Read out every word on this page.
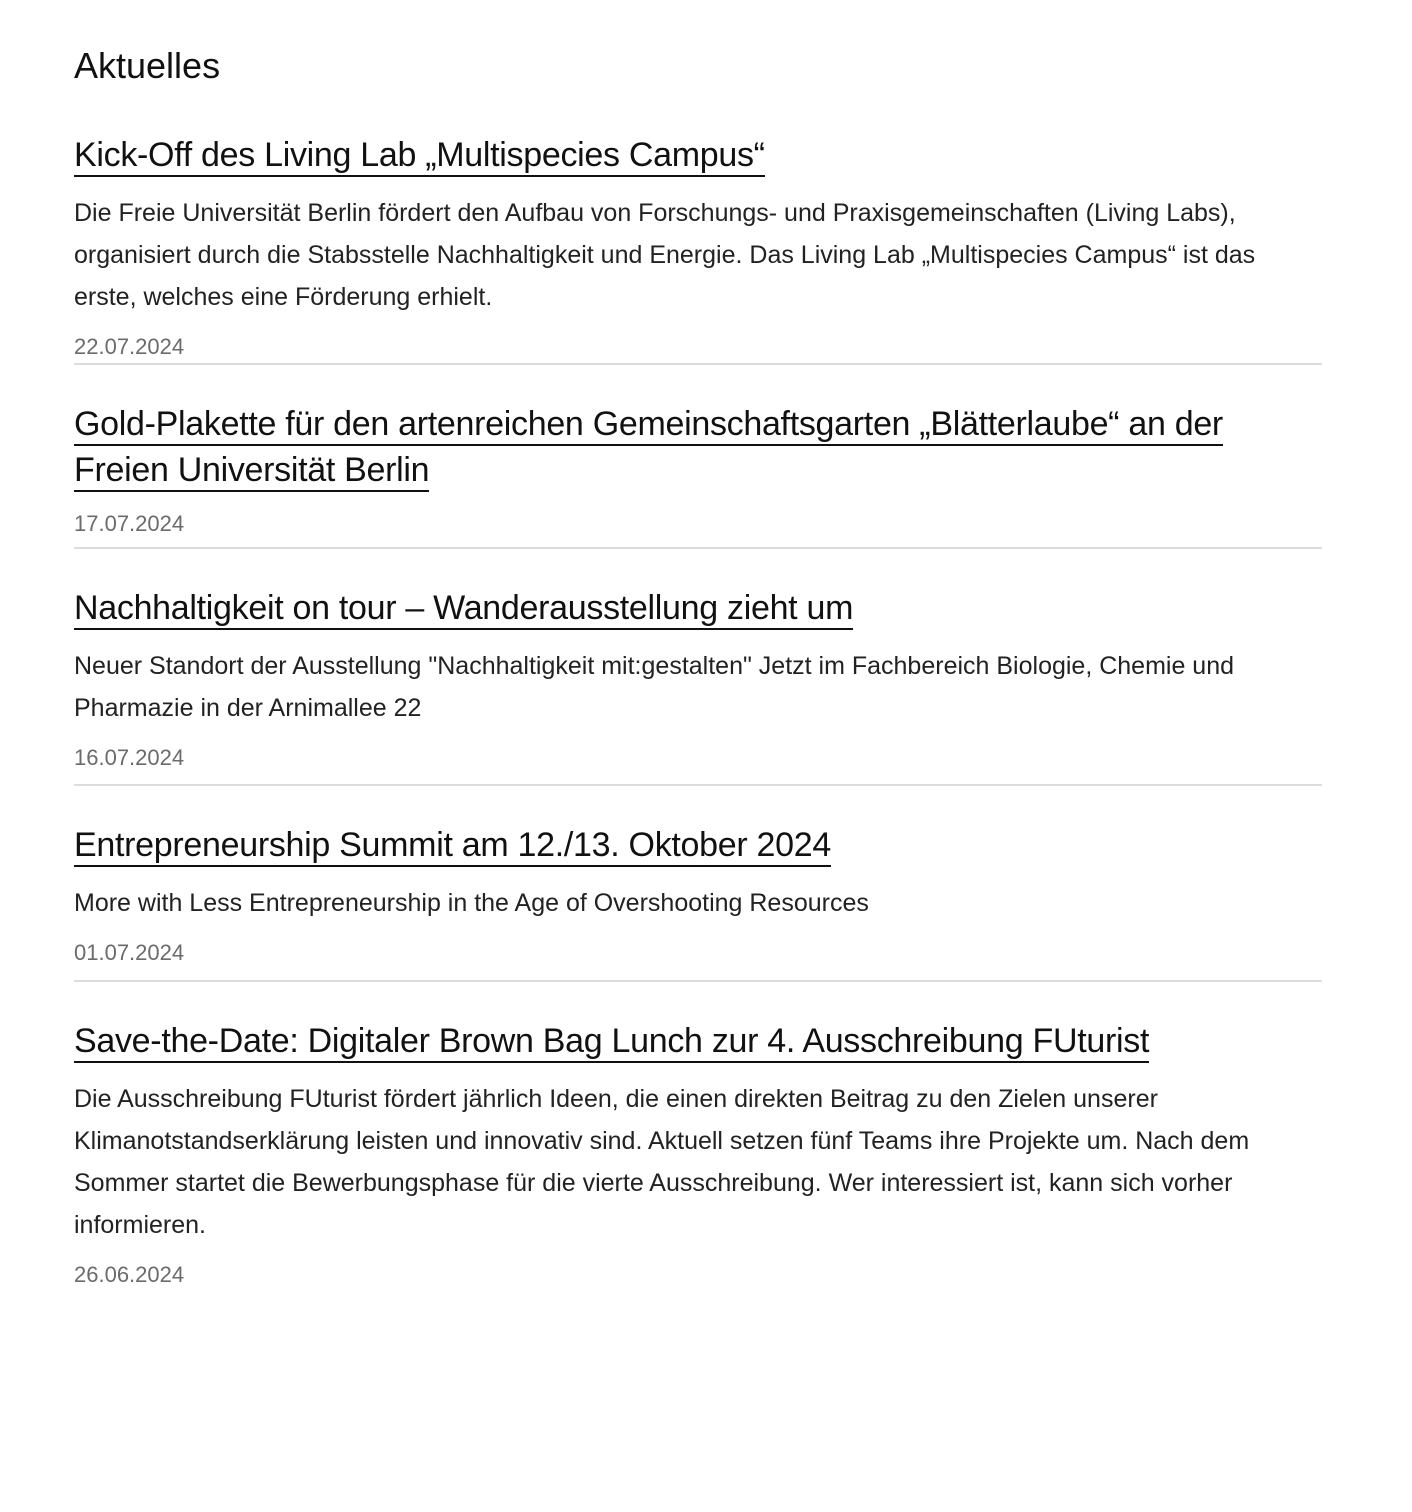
Aktuelles
Kick-Off des Living Lab „Multispecies Campus“

Die Freie Universität Berlin fördert den Aufbau von Forschungs- und Praxisgemeinschaften (Living Labs), organisiert durch die Stabsstelle Nachhaltigkeit und Energie. Das Living Lab „Multispecies Campus“ ist das erste, welches eine Förderung erhielt.

22.07.2024

Gold-Plakette für den artenreichen Gemeinschaftsgarten „Blätterlaube“ an der Freien Universität Berlin

17.07.2024

Nachhaltigkeit on tour – Wanderausstellung zieht um

Neuer Standort der Ausstellung "Nachhaltigkeit mit:gestalten" Jetzt im Fachbereich Biologie, Chemie und Pharmazie in der Arnimallee 22

16.07.2024

Entrepreneurship Summit am 12./13. Oktober 2024

More with Less Entrepreneurship in the Age of Overshooting Resources

01.07.2024

Save-the-Date: Digitaler Brown Bag Lunch zur 4. Ausschreibung FUturist

Die Ausschreibung FUturist fördert jährlich Ideen, die einen direkten Beitrag zu den Zielen unserer Klimanotstandserklärung leisten und innovativ sind. Aktuell setzen fünf Teams ihre Projekte um. Nach dem Sommer startet die Bewerbungsphase für die vierte Ausschreibung. Wer interessiert ist, kann sich vorher informieren.

26.06.2024
